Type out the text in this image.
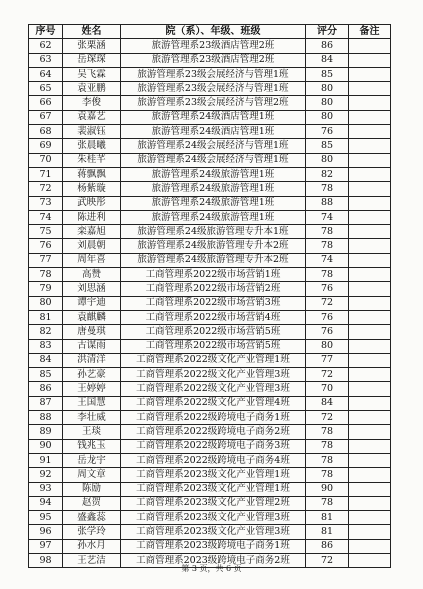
序号	姓名	院（系）、年级、班级	评分	备注
62	张栗涵	旅游管理系23级酒店管理2班	86	
63	岳琛琛	旅游管理系23级酒店管理2班	84	
64	吴飞霖	旅游管理系23级会展经济与管理1班	85	
65	袁亚鹏	旅游管理系23级会展经济与管理1班	80	
66	李俊	旅游管理系23级会展经济与管理2班	80	
67	袁嘉艺	旅游管理系24级酒店管理1班	80	
68	裴淑钰	旅游管理系24级酒店管理1班	76	
69	张晨曦	旅游管理系24级会展经济与管理1班	85	
70	朱桂芊	旅游管理系24级会展经济与管理1班	80	
71	蒋飘飘	旅游管理系24级旅游管理1班	82	
72	杨紫璇	旅游管理系24级旅游管理1班	78	
73	武映彤	旅游管理系24级旅游管理1班	88	
74	陈进利	旅游管理系24级旅游管理1班	74	
75	栾嘉旭	旅游管理系24级旅游管理专升本1班	78	
76	刘晨朝	旅游管理系24级旅游管理专升本2班	78	
77	周年喜	旅游管理系24级旅游管理专升本2班	74	
78	高赞	工商管理系2022级市场营销1班	78	
79	刘思涵	工商管理系2022级市场营销2班	76	
80	谭宇迪	工商管理系2022级市场营销3班	72	
81	袁麒麟	工商管理系2022级市场营销4班	76	
82	唐曼琪	工商管理系2022级市场营销5班	76	
83	古谋雨	工商管理系2022级市场营销5班	80	
84	洪清洋	工商管理系2022级文化产业管理1班	77	
85	孙艺豪	工商管理系2022级文化产业管理3班	72	
86	王婷婷	工商管理系2022级文化产业管理3班	70	
87	王国慧	工商管理系2022级文化产业管理4班	84	
88	李壮威	工商管理系2022级跨境电子商务1班	72	
89	王琰	工商管理系2022级跨境电子商务2班	78	
90	钱兆玉	工商管理系2022级跨境电子商务3班	78	
91	岳龙宇	工商管理系2022级跨境电子商务4班	78	
92	周文章	工商管理系2023级文化产业管理1班	78	
93	陈励	工商管理系2023级文化产业管理1班	90	
94	赵贺	工商管理系2023级文化产业管理2班	78	
95	盛鑫蕊	工商管理系2023级文化产业管理3班	81	
96	张学玲	工商管理系2023级文化产业管理3班	81	
97	孙水月	工商管理系2023级跨境电子商务1班	86	
98	王艺洁	工商管理系2023级跨境电子商务2班	72	
第 3 页，共 6 页
